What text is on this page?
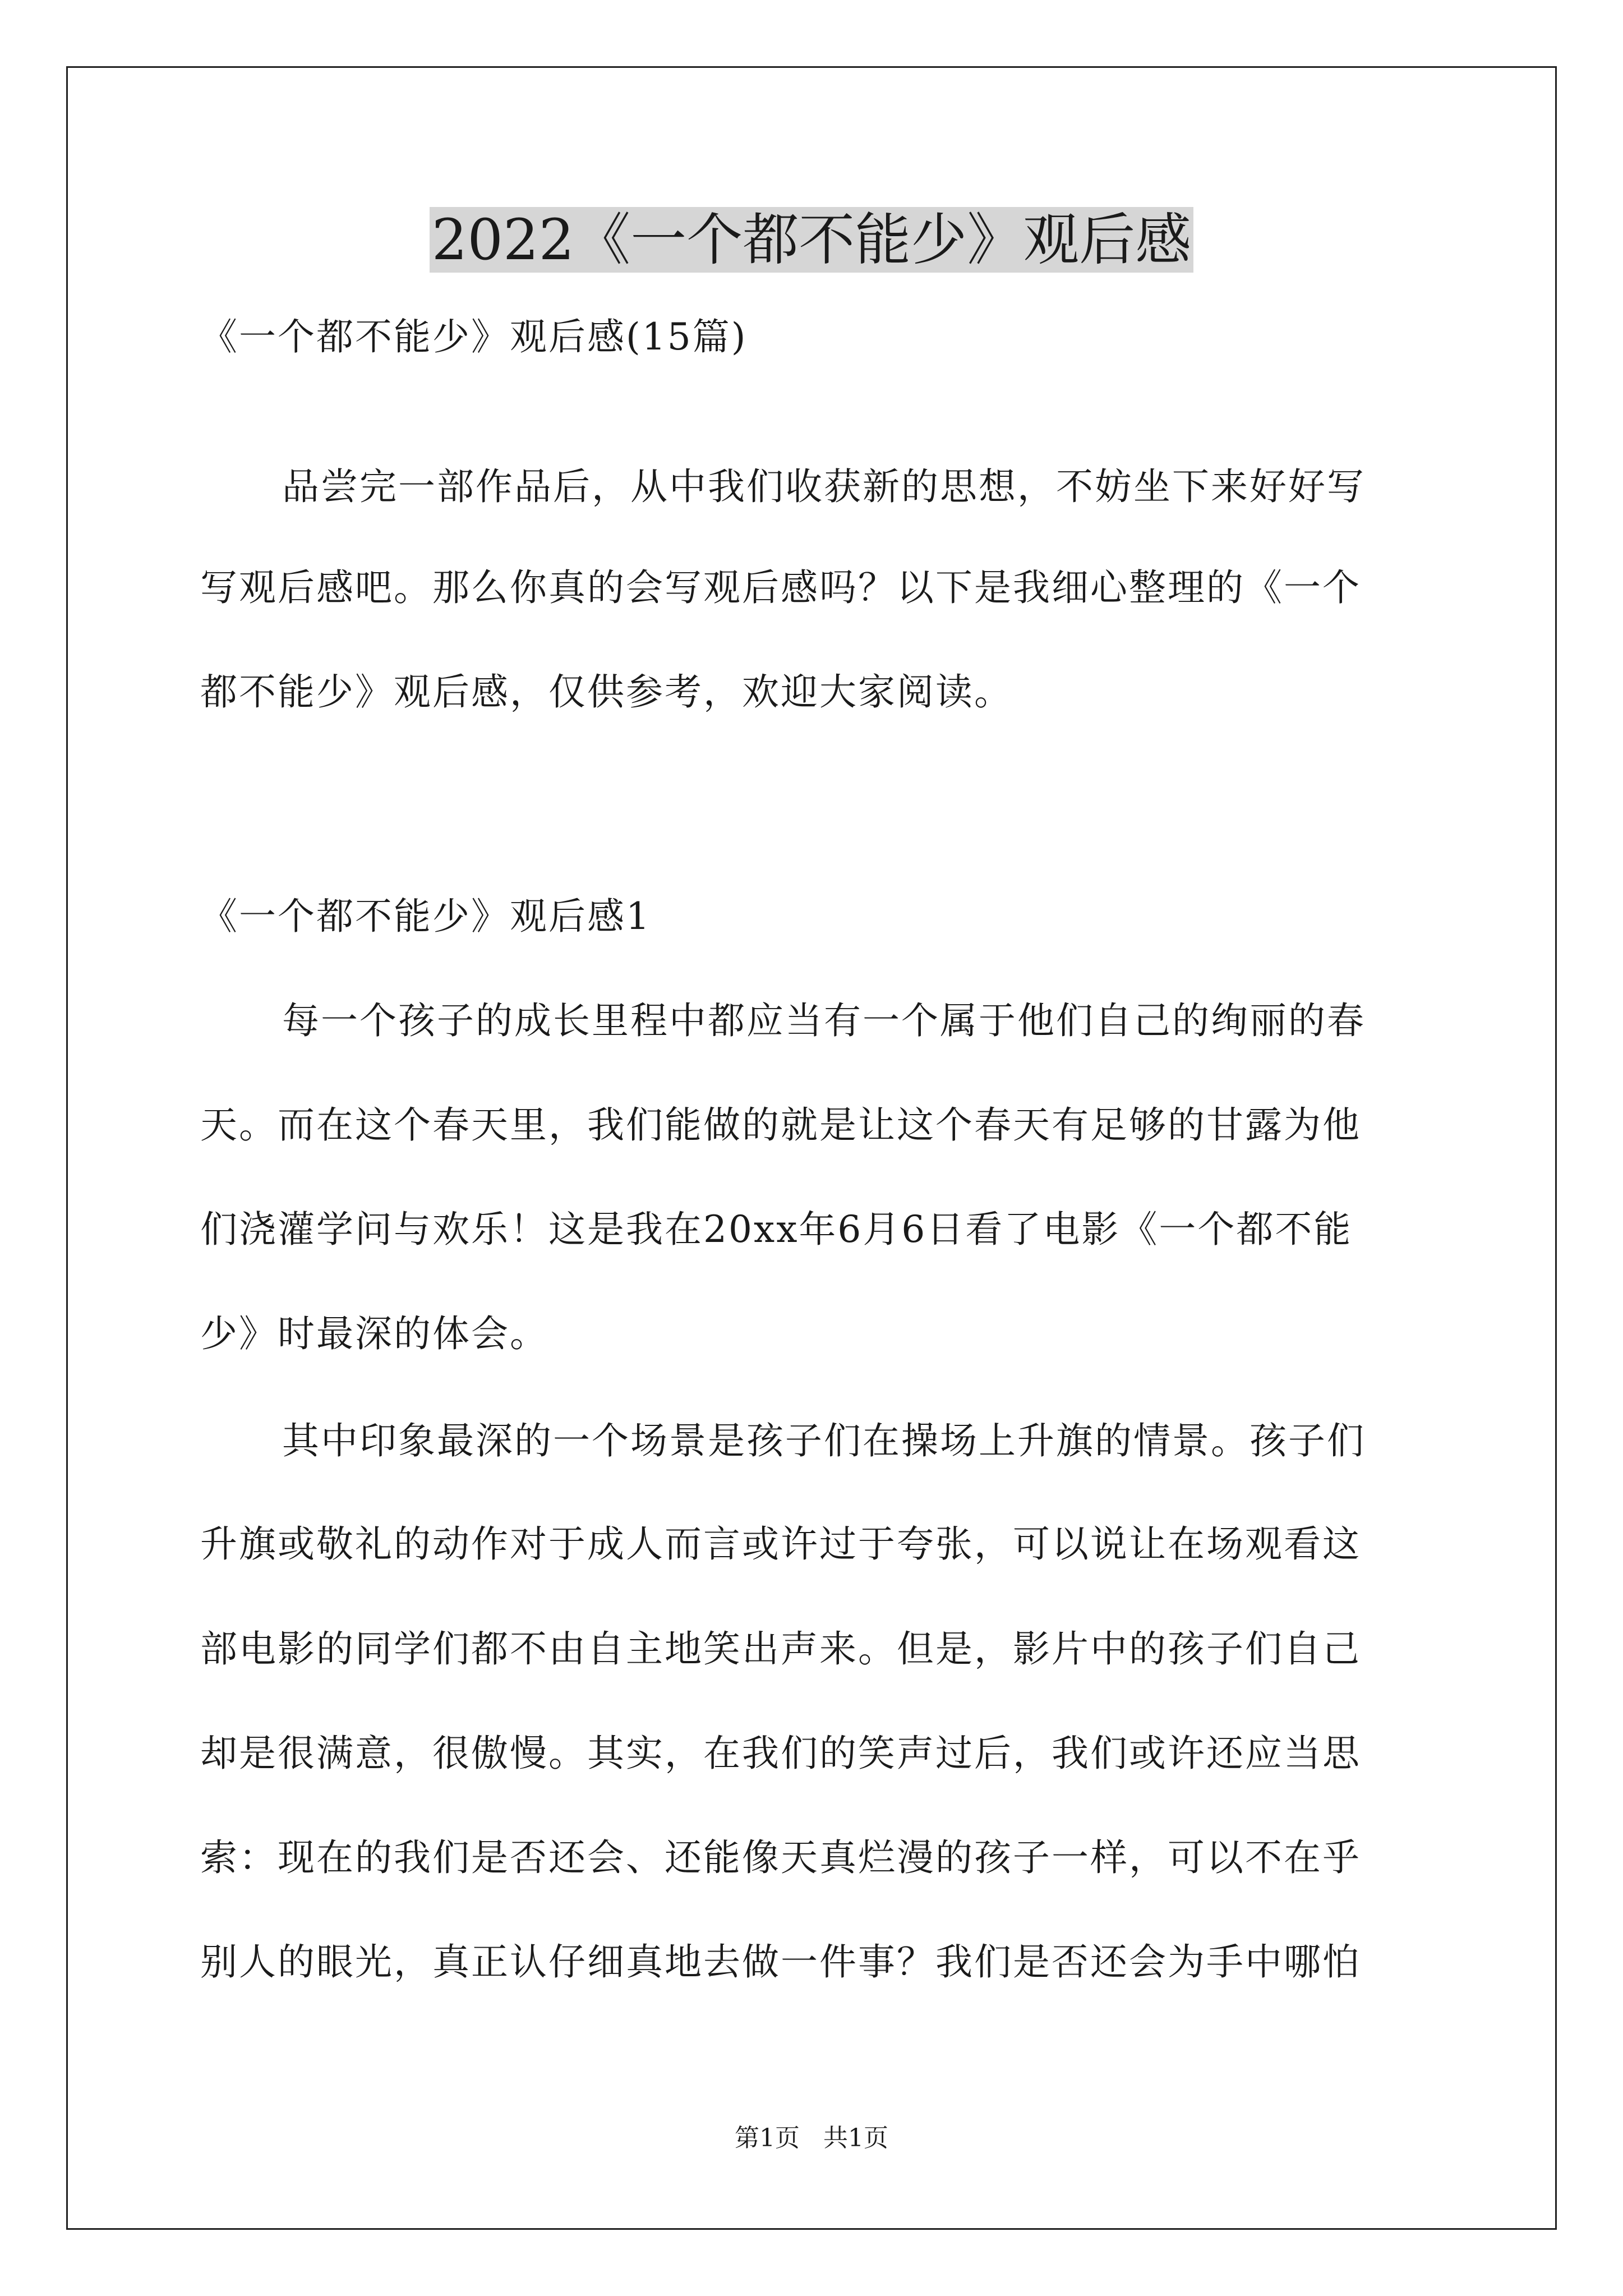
2022《一个都不能少》观后感
《一个都不能少》观后感(15篇)
品尝完一部作品后，从中我们收获新的思想，不妨坐下来好好写
写观后感吧。那么你真的会写观后感吗？以下是我细心整理的《一个
都不能少》观后感，仅供参考，欢迎大家阅读。
《一个都不能少》观后感1
每一个孩子的成长里程中都应当有一个属于他们自己的绚丽的春
天。而在这个春天里，我们能做的就是让这个春天有足够的甘露为他
们浇灌学问与欢乐！这是我在20xx年6月6日看了电影《一个都不能
少》时最深的体会。
其中印象最深的一个场景是孩子们在操场上升旗的情景。孩子们
升旗或敬礼的动作对于成人而言或许过于夸张，可以说让在场观看这
部电影的同学们都不由自主地笑出声来。但是，影片中的孩子们自己
却是很满意，很傲慢。其实，在我们的笑声过后，我们或许还应当思
索：现在的我们是否还会、还能像天真烂漫的孩子一样，可以不在乎
别人的眼光，真正认仔细真地去做一件事？我们是否还会为手中哪怕
第1页   共1页
